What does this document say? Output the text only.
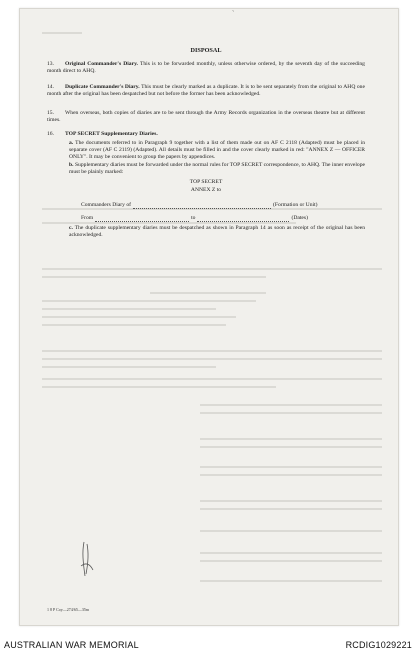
ˎ
DISPOSAL
13. Original Commander's Diary. This is to be forwarded monthly, unless otherwise ordered, by the seventh day of the succeeding month direct to AHQ.
14. Duplicate Commander's Diary. This must be clearly marked as a duplicate. It is to be sent separately from the original to AHQ one month after the original has been despatched but not before the former has been acknowledged.
15. When overseas, both copies of diaries are to be sent through the Army Records organization in the overseas theatre but at different times.
16. TOP SECRET Supplementary Diaries.
a. The documents referred to in Paragraph 9 together with a list of them made out on AF C 2118 (Adapted) must be placed in separate cover (AF C 2119) (Adapted). All details must be filled in and the cover clearly marked in red: "ANNEX Z — OFFICER ONLY". It may be convenient to group the papers by appendices.
b. Supplementary diaries must be forwarded under the normal rules for TOP SECRET correspondence, to AHQ. The inner envelope must be plainly marked:
TOP SECRET
ANNEX Z to
Commanders Diary of	(Formation or Unit)
From	to	(Dates)
c. The duplicate supplementary diaries must be despatched as shown in Paragraph 14 as soon as receipt of the original has been acknowledged.
1 8 P Coy—274/65—35m
AUSTRALIAN WAR MEMORIAL	RCDIG1029221
